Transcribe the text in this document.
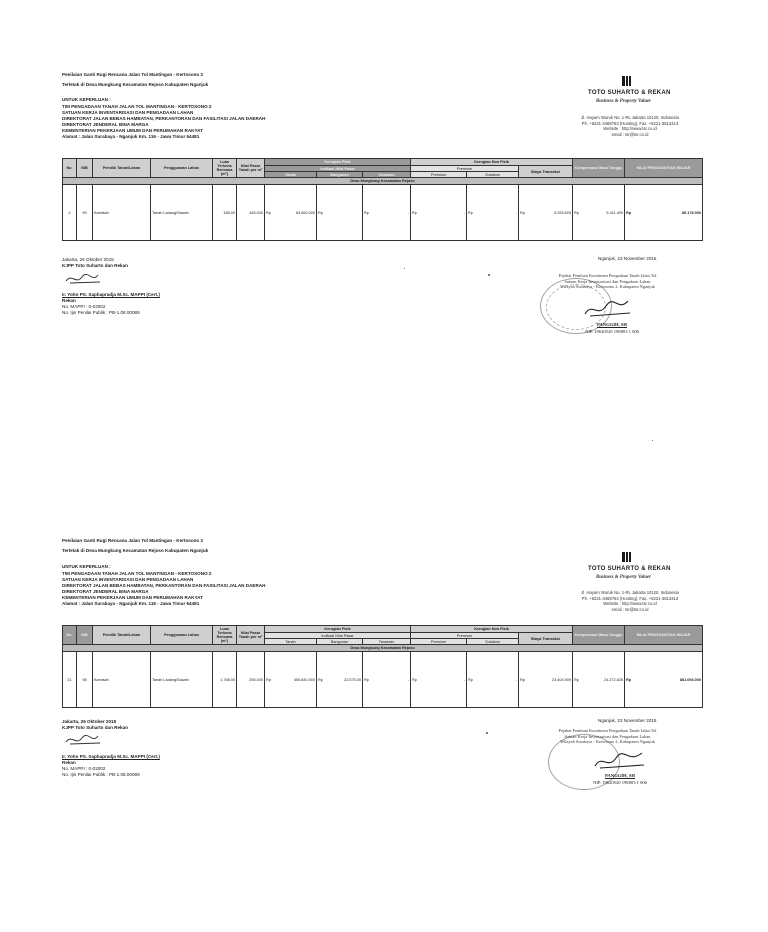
Penilaian Ganti Rugi Rencana Jalan Tol Mantingan - Kertosono 2
Terletak di Desa Mungkung Kecamatan Rejoso Kabupaten Nganjuk
UNTUK KEPERLUAN :
TIM PENGADAAN TANAH JALAN TOL MANTINGAN - KERTOSONO 2
SATUAN KERJA INVENTARISASI DAN PENGADAAN LAHAN
DIREKTORAT JALAN BEBAS HAMBATAN, PERKANTORAN DAN FASILITASI JALAN DAERAH
DIREKTORAT JENDERAL BINA MARGA
KEMENTERIAN PEKERJAAN UMUM DAN PERUMAHAN RAKYAT
Alamat : Jalan Surabaya - Nganjuk Km. 116 - Jawa Timur 64481
TOTO SUHARTO & REKAN
Business & Property Valuer
Jl. Hayam Wuruk No. 1-RL Jakarta 10120, Indonesia
Ph. +6221-3468763 (Hunting), Fax. +6221-3813413
Website : http://www.tsr.co.id
email : tsr@tsr.co.id
No.	NIB	Pemilik Tanah/Lahan	Penggunaan Lahan	Luas Terkena Rencana (m²)	Nilai Pasar Tanah per m²	Kerugian Fisik			Kerugian Non Fisik			Kompensasi Masa Tunggu	NILAI PENGGANTIAN WAJAR
						Indikasi Nilai Pasar			Premium		Biaya Transaksi		
						Tanah	Bangunan	Tanaman	Premium	Solatium			
Desa Mungkung Kecamatan Rejoso													
4	99	Kamisah	Tanah Ladang/Sawah	188,00	445.000	Rp 83.660.000	Rp	Rp -	Rp -	Rp -	Rp 5.253.603	Rp 5.411.409	Rp 89.178.000
Jakarta, 26 Oktober 2015
KJPP Toto Suharto dan Rekan
Ir. Yohn PS. Saphapradja M.Sc. MAPPI (Cert.)
Rekan
No. MAPPI : 0-02002
No. Ijin Penilai Publik : PB-1.08.00089
Nganjuk, 23 November 2015
Pejabat Pembuat Komitmen Pengadaan Tanah Jalan Tol
Satuan Kerja Inventarisasi dan Pengadaan Lahan
Wilayah Surabaya - Kertosono 2, Kabupaten Nganjuk
PANGGIH, SH
NIP. 19620520 198803 1 006
Penilaian Ganti Rugi Rencana Jalan Tol Mantingan - Kertosono 2
Terletak di Desa Mungkung Kecamatan Rejoso Kabupaten Nganjuk
UNTUK KEPERLUAN :
TIM PENGADAAN TANAH JALAN TOL MANTINGAN - KERTOSONO 2
SATUAN KERJA INVENTARISASI DAN PENGADAAN LAHAN
DIREKTORAT JALAN BEBAS HAMBATAN, PERKANTORAN DAN FASILITASI JALAN DAERAH
DIREKTORAT JENDERAL BINA MARGA
KEMENTERIAN PEKERJAAN UMUM DAN PERUMAHAN RAKYAT
Alamat : Jalan Surabaya - Nganjuk Km. 116 - Jawa Timur 64481
TOTO SUHARTO & REKAN
Business & Property Valuer
Jl. Hayam Wuruk No. 1-RL Jakarta 10120, Indonesia
Ph. +6221-3468763 (Hunting), Fax. +6221-3813413
Website : http://www.tsr.co.id
email : tsr@tsr.co.id
No.	NIB	Pemilik Tanah/Lahan	Penggunaan Lahan	Luas Terkena Rencana (m²)	Nilai Pasar Tanah per m²	Kerugian Fisik			Kerugian Non Fisik			Kompensasi Masa Tunggu	NILAI PENGGANTIAN WAJAR
						Indikasi Nilai Pasar			Premium		Biaya Transaksi		
						Tanah	Bangunan	Tanaman	Premium	Solatium			
Desa Mungkung Kecamatan Rejoso													
21	98	Kamisah	Tanah Ladang/Sawah	1.768,00	255.000	Rp 450.840.000	Rp 22.575.00	Rp -	Rp -	Rp -	Rp 23.404.909	Rp 24.272.828	Rp 881.094.000
Jakarta, 26 Oktober 2015
KJPP Toto Suharto dan Rekan
Ir. Yohn PS. Saphapradja M.Sc. MAPPI (Cert.)
Rekan
No. MAPPI : 0-02002
No. Ijin Penilai Publik : PB-1.08.00089
Nganjuk, 23 November 2015
Pejabat Pembuat Komitmen Pengadaan Tanah Jalan Tol
Satuan Kerja Inventarisasi dan Pengadaan Lahan
Wilayah Surabaya - Kertosono 2, Kabupaten Nganjuk
PANGGIH, SH
NIP. 19620520 198803 1 006
